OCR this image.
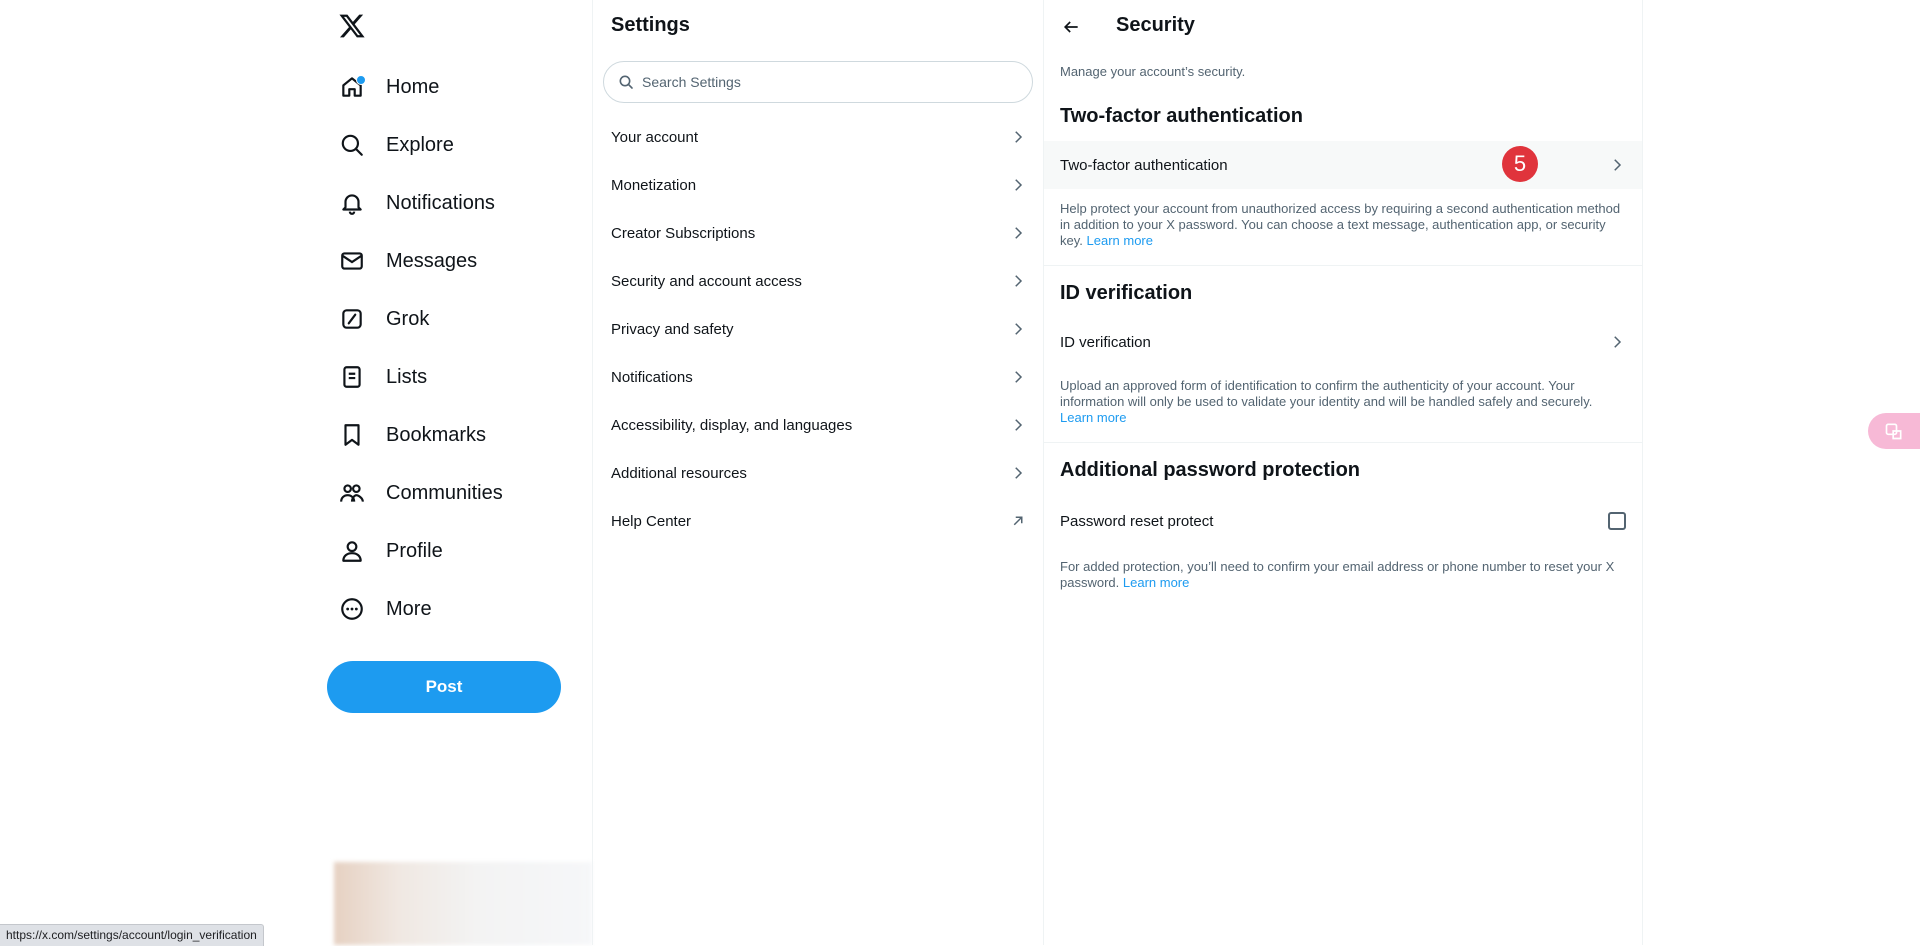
Home
Explore
Notifications
Messages
Grok
Lists
Bookmarks
Communities
Profile
More
Post
Settings
Search Settings
Your account
Monetization
Creator Subscriptions
Security and account access
Privacy and safety
Notifications
Accessibility, display, and languages
Additional resources
Help Center
Security
Manage your account’s security.
Two-factor authentication
Two-factor authentication	5
Help protect your account from unauthorized access by requiring a second authentication method in addition to your X password. You can choose a text message, authentication app, or security key. Learn more
ID verification
ID verification
Upload an approved form of identification to confirm the authenticity of your account. Your information will only be used to validate your identity and will be handled safely and securely. Learn more
Additional password protection
Password reset protect
For added protection, you’ll need to confirm your email address or phone number to reset your X password. Learn more
https://x.com/settings/account/login_verification
